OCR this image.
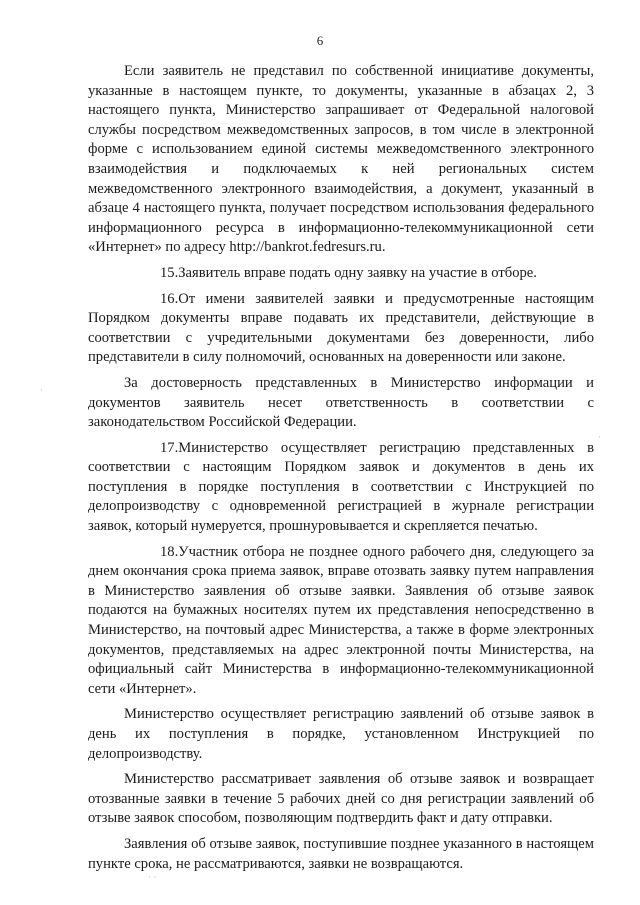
6

Если заявитель не представил по собственной инициативе документы, указанные в настоящем пункте, то документы, указанные в абзацах 2, 3 настоящего пункта, Министерство запрашивает от Федеральной налоговой службы посредством межведомственных запросов, в том числе в электронной форме с использованием единой системы межведомственного электронного взаимодействия и подключаемых к ней региональных систем межведомственного электронного взаимодействия, а документ, указанный в абзаце 4 настоящего пункта, получает посредством использования федерального информационного ресурса в информационно-телекоммуникационной сети «Интернет» по адресу http://bankrot.fedresurs.ru.

15.Заявитель вправе подать одну заявку на участие в отборе.

16.От имени заявителей заявки и предусмотренные настоящим Порядком документы вправе подавать их представители, действующие в соответствии с учредительными документами без доверенности, либо представители в силу полномочий, основанных на доверенности или законе.

За достоверность представленных в Министерство информации и документов заявитель несет ответственность в соответствии с законодательством Российской Федерации.

17.Министерство осуществляет регистрацию представленных в соответствии с настоящим Порядком заявок и документов в день их поступления в порядке поступления в соответствии с Инструкцией по делопроизводству с одновременной регистрацией в журнале регистрации заявок, который нумеруется, прошнуровывается и скрепляется печатью.

18.Участник отбора не позднее одного рабочего дня, следующего за днем окончания срока приема заявок, вправе отозвать заявку путем направления в Министерство заявления об отзыве заявки. Заявления об отзыве заявок подаются на бумажных носителях путем их представления непосредственно в Министерство, на почтовый адрес Министерства, а также в форме электронных документов, представляемых на адрес электронной почты Министерства, на официальный сайт Министерства в информационно-телекоммуникационной сети «Интернет».

Министерство осуществляет регистрацию заявлений об отзыве заявок в день их поступления в порядке, установленном Инструкцией по делопроизводству.

Министерство рассматривает заявления об отзыве заявок и возвращает отозванные заявки в течение 5 рабочих дней со дня регистрации заявлений об отзыве заявок способом, позволяющим подтвердить факт и дату отправки.

Заявления об отзыве заявок, поступившие позднее указанного в настоящем пункте срока, не рассматриваются, заявки не возвращаются.

·
·
· ·
